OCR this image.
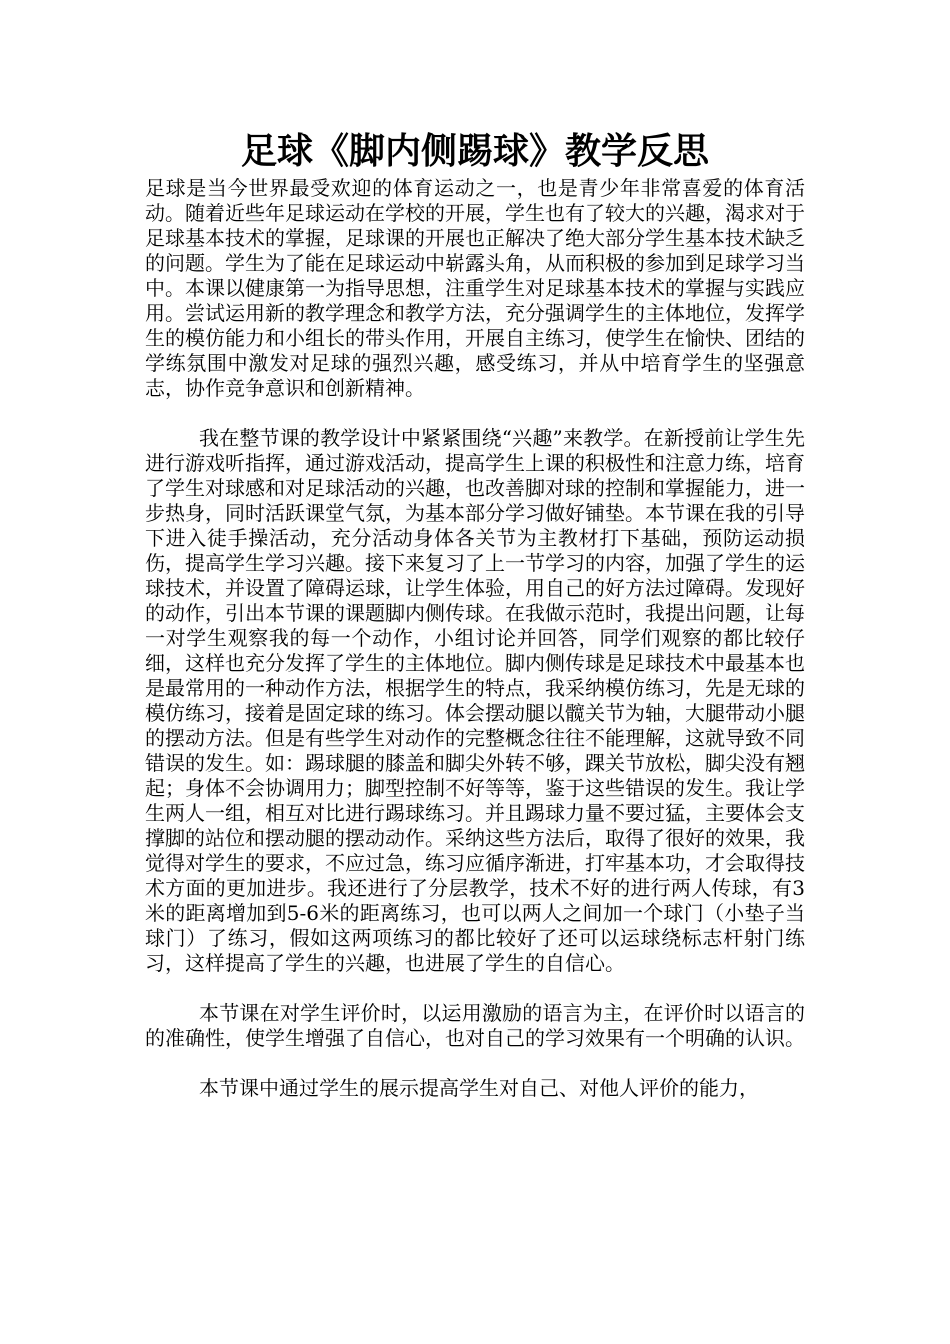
足球《脚内侧踢球》教学反思

足球是当今世界最受欢迎的体育运动之一，也是青少年非常喜爱的体育活动。随着近些年足球运动在学校的开展，学生也有了较大的兴趣，渴求对于足球基本技术的掌握，足球课的开展也正解决了绝大部分学生基本技术缺乏的问题。学生为了能在足球运动中崭露头角，从而积极的参加到足球学习当中。本课以健康第一为指导思想，注重学生对足球基本技术的掌握与实践应用。尝试运用新的教学理念和教学方法，充分强调学生的主体地位，发挥学生的模仿能力和小组长的带头作用，开展自主练习，使学生在愉快、团结的学练氛围中激发对足球的强烈兴趣，感受练习，并从中培育学生的坚强意志，协作竞争意识和创新精神。

我在整节课的教学设计中紧紧围绕“兴趣”来教学。在新授前让学生先进行游戏听指挥，通过游戏活动，提高学生上课的积极性和注意力练，培育了学生对球感和对足球活动的兴趣，也改善脚对球的控制和掌握能力，进一步热身，同时活跃课堂气氛，为基本部分学习做好铺垫。本节课在我的引导下进入徒手操活动，充分活动身体各关节为主教材打下基础，预防运动损伤，提高学生学习兴趣。接下来复习了上一节学习的内容，加强了学生的运球技术，并设置了障碍运球，让学生体验，用自己的好方法过障碍。发现好的动作，引出本节课的课题脚内侧传球。在我做示范时，我提出问题，让每一对学生观察我的每一个动作，小组讨论并回答，同学们观察的都比较仔细，这样也充分发挥了学生的主体地位。脚内侧传球是足球技术中最基本也是最常用的一种动作方法，根据学生的特点，我采纳模仿练习，先是无球的模仿练习，接着是固定球的练习。体会摆动腿以髋关节为轴，大腿带动小腿的摆动方法。但是有些学生对动作的完整概念往往不能理解，这就导致不同错误的发生。如：踢球腿的膝盖和脚尖外转不够，踝关节放松，脚尖没有翘起；身体不会协调用力；脚型控制不好等等，鉴于这些错误的发生。我让学生两人一组，相互对比进行踢球练习。并且踢球力量不要过猛，主要体会支撑脚的站位和摆动腿的摆动动作。采纳这些方法后，取得了很好的效果，我觉得对学生的要求，不应过急，练习应循序渐进，打牢基本功，才会取得技术方面的更加进步。我还进行了分层教学，技术不好的进行两人传球，有3米的距离增加到5-6米的距离练习，也可以两人之间加一个球门（小垫子当球门）了练习，假如这两项练习的都比较好了还可以运球绕标志杆射门练习，这样提高了学生的兴趣，也进展了学生的自信心。

本节课在对学生评价时，以运用激励的语言为主，在评价时以语言的的准确性，使学生增强了自信心，也对自己的学习效果有一个明确的认识。

本节课中通过学生的展示提高学生对自己、对他人评价的能力，
